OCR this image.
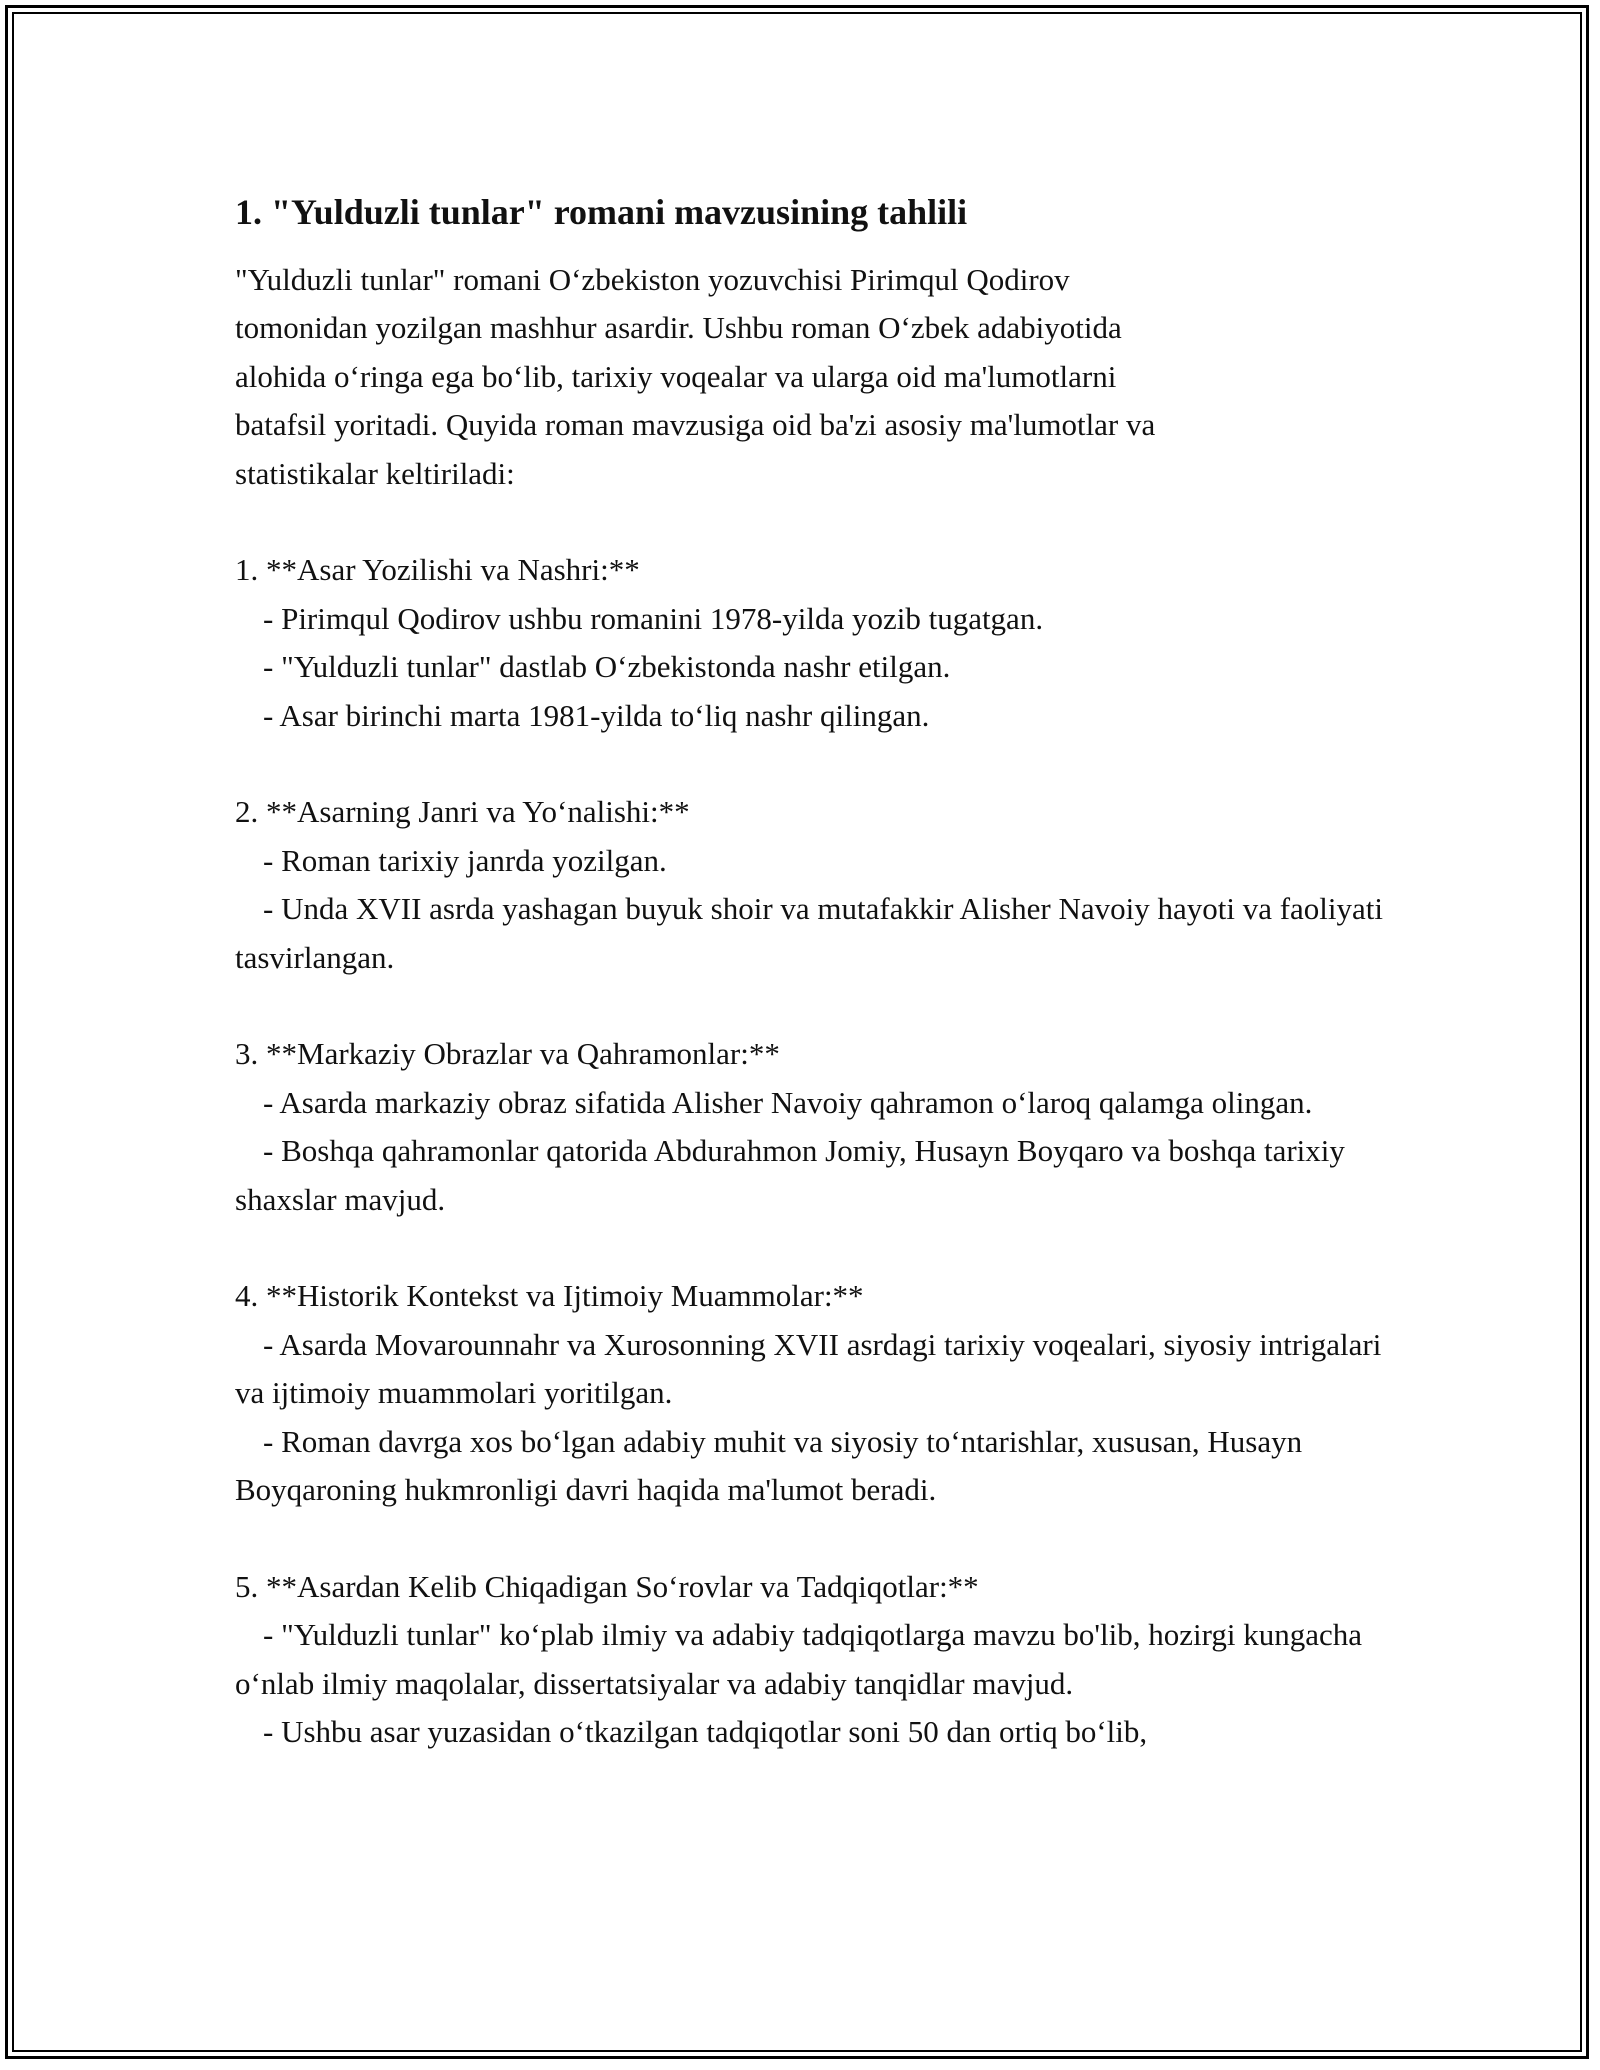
1. "Yulduzli tunlar" romani mavzusining tahlili
"Yulduzli tunlar" romani O‘zbekiston yozuvchisi Pirimqul Qodirov
tomonidan yozilgan mashhur asardir. Ushbu roman O‘zbek adabiyotida
alohida o‘ringa ega bo‘lib, tarixiy voqealar va ularga oid ma'lumotlarni
batafsil yoritadi. Quyida roman mavzusiga oid ba'zi asosiy ma'lumotlar va
statistikalar keltiriladi:
1. **Asar Yozilishi va Nashri:**
- Pirimqul Qodirov ushbu romanini 1978-yilda yozib tugatgan.
- "Yulduzli tunlar" dastlab O‘zbekistonda nashr etilgan.
- Asar birinchi marta 1981-yilda to‘liq nashr qilingan.
2. **Asarning Janri va Yo‘nalishi:**
- Roman tarixiy janrda yozilgan.
- Unda XVII asrda yashagan buyuk shoir va mutafakkir Alisher Navoiy hayoti va faoliyati tasvirlangan.
3. **Markaziy Obrazlar va Qahramonlar:**
- Asarda markaziy obraz sifatida Alisher Navoiy qahramon o‘laroq qalamga olingan.
- Boshqa qahramonlar qatorida Abdurahmon Jomiy, Husayn Boyqaro va boshqa tarixiy shaxslar mavjud.
4. **Historik Kontekst va Ijtimoiy Muammolar:**
- Asarda Movarounnahr va Xurosonning XVII asrdagi tarixiy voqealari, siyosiy intrigalari va ijtimoiy muammolari yoritilgan.
- Roman davrga xos bo‘lgan adabiy muhit va siyosiy to‘ntarishlar, xususan, Husayn Boyqaroning hukmronligi davri haqida ma'lumot beradi.
5. **Asardan Kelib Chiqadigan So‘rovlar va Tadqiqotlar:**
- "Yulduzli tunlar" ko‘plab ilmiy va adabiy tadqiqotlarga mavzu bo'lib, hozirgi kungacha o‘nlab ilmiy maqolalar, dissertatsiyalar va adabiy tanqidlar mavjud.
- Ushbu asar yuzasidan o‘tkazilgan tadqiqotlar soni 50 dan ortiq bo‘lib,
